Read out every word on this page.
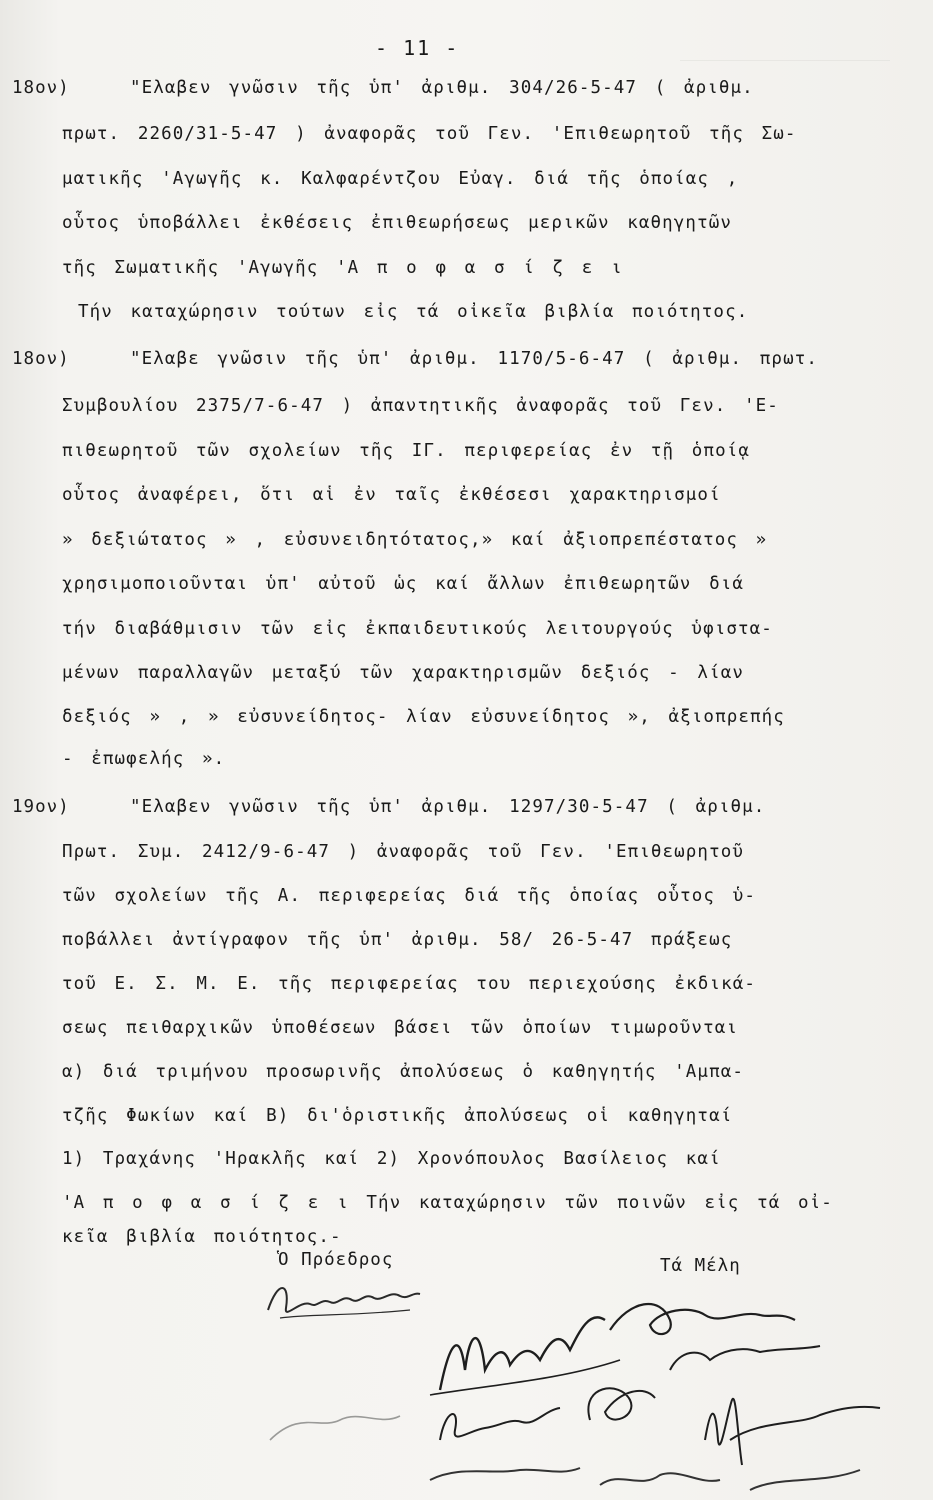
- 11 -
18ον)	"Ελαβεν γνῶσιν τῆς ὑπ' ἀριθμ. 304/26-5-47 ( ἀριθμ.
πρωτ. 2260/31-5-47 ) ἀναφορᾶς τοῦ Γεν. 'Επιθεωρητοῦ τῆς Σω-
ματικῆς 'Αγωγῆς κ. Καλφαρέντζου Εὐαγ. διά τῆς ὁποίας ,
οὗτος ὑποβάλλει ἐκθέσεις ἐπιθεωρήσεως μερικῶν καθηγητῶν
τῆς Σωματικῆς 'Αγωγῆς 'Α π ο φ α σ ί ζ ε ι
Τήν καταχώρησιν τούτων εἰς τά οἰκεῖα βιβλία ποιότητος.
18ον)	"Ελαβε γνῶσιν τῆς ὑπ' ἀριθμ. 1170/5-6-47 ( ἀριθμ. πρωτ.
Συμβουλίου 2375/7-6-47 ) ἀπαντητικῆς ἀναφορᾶς τοῦ Γεν. 'Ε-
πιθεωρητοῦ τῶν σχολείων τῆς ΙΓ. περιφερείας ἐν τῇ ὁποίᾳ
οὗτος ἀναφέρει, ὅτι αἱ ἐν ταῖς ἐκθέσεσι χαρακτηρισμοί
» δεξιώτατος » , εὐσυνειδητότατος,» καί ἀξιοπρεπέστατος »
χρησιμοποιοῦνται ὑπ' αὐτοῦ ὡς καί ἄλλων ἐπιθεωρητῶν διά
τήν διαβάθμισιν τῶν εἰς ἐκπαιδευτικούς λειτουργούς ὑφιστα-
μένων παραλλαγῶν μεταξύ τῶν χαρακτηρισμῶν δεξιός - λίαν
δεξιός » , » εὐσυνείδητος- λίαν εὐσυνείδητος », ἀξιοπρεπής
- ἐπωφελής ».
19ον)	"Ελαβεν γνῶσιν τῆς ὑπ' ἀριθμ. 1297/30-5-47 ( ἀριθμ.
Πρωτ. Συμ. 2412/9-6-47 ) ἀναφορᾶς τοῦ Γεν. 'Επιθεωρητοῦ
τῶν σχολείων τῆς Α. περιφερείας διά τῆς ὁποίας οὗτος ὑ-
ποβάλλει ἀντίγραφον τῆς ὑπ' ἀριθμ. 58/ 26-5-47 πράξεως
τοῦ Ε. Σ. Μ. Ε. τῆς περιφερείας του περιεχούσης ἐκδικά-
σεως πειθαρχικῶν ὑποθέσεων βάσει τῶν ὁποίων τιμωροῦνται
α) διά τριμήνου προσωρινῆς ἀπολύσεως ὁ καθηγητής 'Αμπα-
τζῆς Φωκίων καί Β) δι'ὁριστικῆς ἀπολύσεως οἱ καθηγηταί
1) Τραχάνης 'Ηρακλῆς καί 2) Χρονόπουλος Βασίλειος καί
'Α π ο φ α σ ί ζ ε ι Τήν καταχώρησιν τῶν ποινῶν εἰς τά οἰ-
κεῖα βιβλία ποιότητος.-
Ὁ Πρόεδρος	Τά Μέλη
